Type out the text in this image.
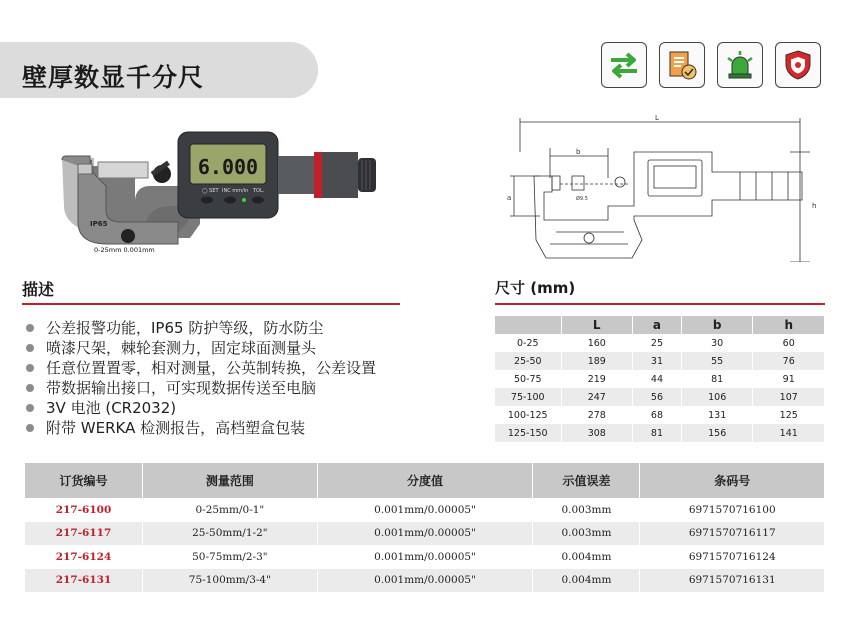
壁厚数显千分尺
6.000
◯ SET INC mm/in TOL.
IP65
0-25mm 0.001mm
L
b
a
h
Ø9.5
描述
公差报警功能，IP65 防护等级，防水防尘
喷漆尺架，棘轮套测力，固定球面测量头
任意位置置零，相对测量，公英制转换，公差设置
带数据输出接口，可实现数据传送至电脑
3V 电池 (CR2032)
附带 WERKA 检测报告，高档塑盒包装
尺寸 (mm)
	L	a	b	h
0-25	160	25	30	60
25-50	189	31	55	76
50-75	219	44	81	91
75-100	247	56	106	107
100-125	278	68	131	125
125-150	308	81	156	141
订货编号	测量范围	分度值	示值误差	条码号
217-6100	0-25mm/0-1"	0.001mm/0.00005"	0.003mm	6971570716100
217-6117	25-50mm/1-2"	0.001mm/0.00005"	0.003mm	6971570716117
217-6124	50-75mm/2-3"	0.001mm/0.00005"	0.004mm	6971570716124
217-6131	75-100mm/3-4"	0.001mm/0.00005"	0.004mm	6971570716131
